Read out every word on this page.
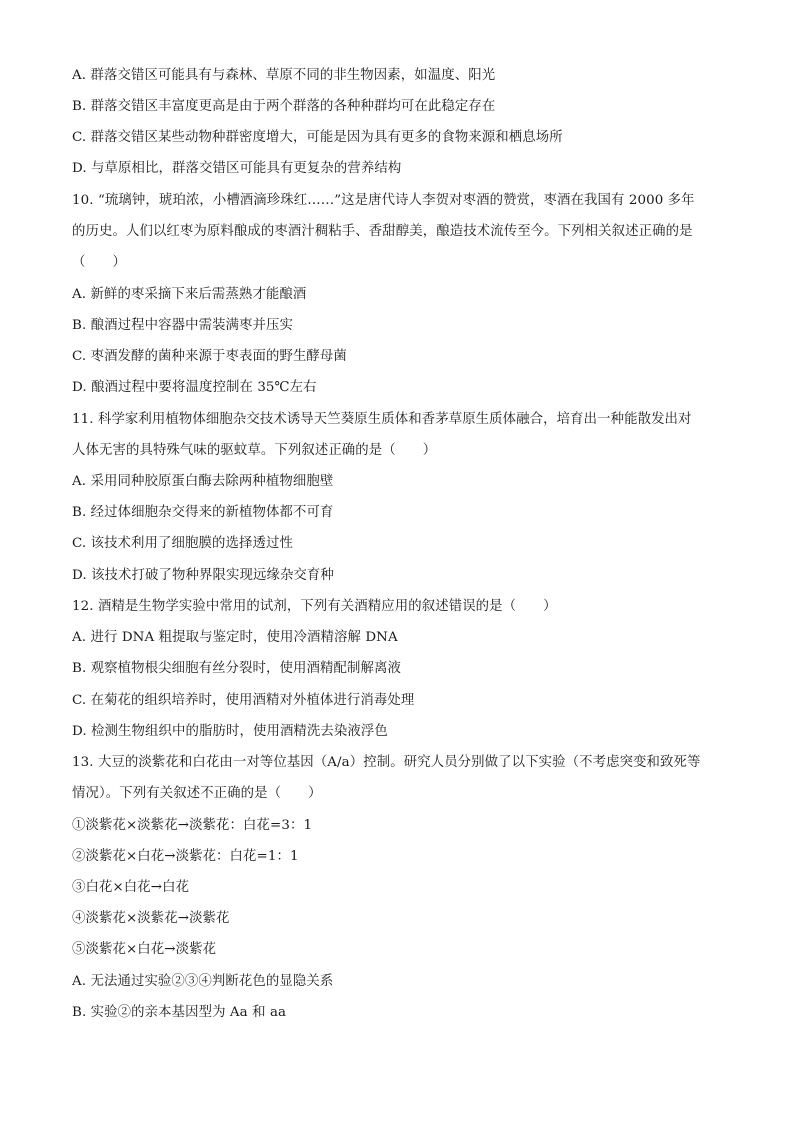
A. 群落交错区可能具有与森林、草原不同的非生物因素，如温度、阳光
B. 群落交错区丰富度更高是由于两个群落的各种种群均可在此稳定存在
C. 群落交错区某些动物种群密度增大，可能是因为具有更多的食物来源和栖息场所
D. 与草原相比，群落交错区可能具有更复杂的营养结构
10. “琉璃钟，琥珀浓，小槽酒滴珍珠红……”这是唐代诗人李贺对枣酒的赞赏，枣酒在我国有 2000 多年
的历史。人们以红枣为原料酿成的枣酒汁稠粘手、香甜醇美，酿造技术流传至今。下列相关叙述正确的是
（　　）
A. 新鲜的枣采摘下来后需蒸熟才能酿酒
B. 酿酒过程中容器中需装满枣并压实
C. 枣酒发酵的菌种来源于枣表面的野生酵母菌
D. 酿酒过程中要将温度控制在 35℃左右
11. 科学家利用植物体细胞杂交技术诱导天竺葵原生质体和香茅草原生质体融合，培育出一种能散发出对
人体无害的具特殊气味的驱蚊草。下列叙述正确的是（　　）
A. 采用同种胶原蛋白酶去除两种植物细胞壁
B. 经过体细胞杂交得来的新植物体都不可育
C. 该技术利用了细胞膜的选择透过性
D. 该技术打破了物种界限实现远缘杂交育种
12. 酒精是生物学实验中常用的试剂，下列有关酒精应用的叙述错误的是（　　）
A. 进行 DNA 粗提取与鉴定时，使用冷酒精溶解 DNA
B. 观察植物根尖细胞有丝分裂时，使用酒精配制解离液
C. 在菊花的组织培养时，使用酒精对外植体进行消毒处理
D. 检测生物组织中的脂肪时，使用酒精洗去染液浮色
13. 大豆的淡紫花和白花由一对等位基因（A/a）控制。研究人员分别做了以下实验（不考虑突变和致死等
情况）。下列有关叙述不正确的是（　　）
①淡紫花×淡紫花→淡紫花：白花=3：1
②淡紫花×白花→淡紫花：白花=1：1
③白花×白花→白花
④淡紫花×淡紫花→淡紫花
⑤淡紫花×白花→淡紫花
A. 无法通过实验②③④判断花色的显隐关系
B. 实验②的亲本基因型为 Aa 和 aa
